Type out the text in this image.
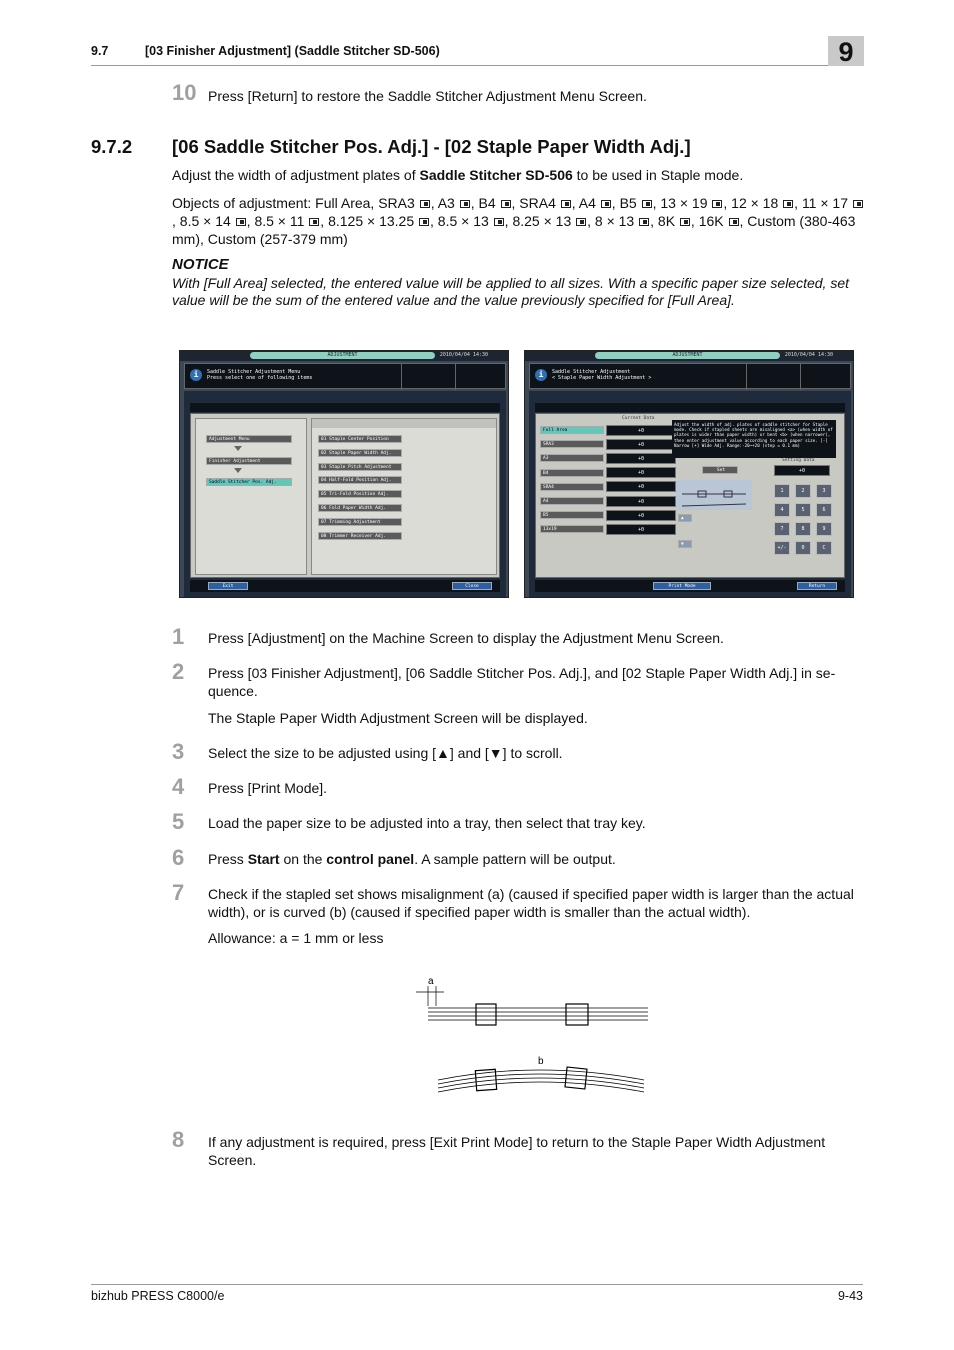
9.7	[03 Finisher Adjustment] (Saddle Stitcher SD-506)	9
10 Press [Return] to restore the Saddle Stitcher Adjustment Menu Screen.
9.7.2 [06 Saddle Stitcher Pos. Adj.] - [02 Staple Paper Width Adj.]
Adjust the width of adjustment plates of Saddle Stitcher SD-506 to be used in Staple mode.
Objects of adjustment: Full Area, SRA3 , A3 , B4 , SRA4 , A4 , B5 , 13 × 19 , 12 × 18 , 11 × 17 , 8.5 × 14 , 8.5 × 11 , 8.125 × 13.25 , 8.5 × 13 , 8.25 × 13 , 8 × 13 , 8K , 16K , Custom (380-463 mm), Custom (257-379 mm)
NOTICE
With [Full Area] selected, the entered value will be applied to all sizes. With a specific paper size selected, set value will be the sum of the entered value and the value previously specified for [Full Area].
ADJUSTMENT	2010/04/04 14:30
i	Saddle Stitcher Adjustment Menu
Press select one of following items
Adjustment Menu
Finisher Adjustment
Saddle Stitcher Pos. Adj.
01 Staple Center Position
02 Staple Paper Width Adj.
03 Staple Pitch Adjustment
04 Half-Fold Position Adj.
05 Tri-Fold Position Adj.
06 Fold Paper Width Adj.
07 Trimming Adjustment
08 Trimmer Receiver Adj.
Exit	Close
ADJUSTMENT	2010/04/04 14:30
i	Saddle Stitcher Adjustment
< Staple Paper Width Adjustment >
Current Data
Full Area	+0
SRA3	+0
A3	+0
B4	+0
SRA4	+0
A4	+0
B5	+0
13x19	+0
▲
▼
Adjust the width of adj. plates of saddle stitcher for Staple mode. Check if stapled sheets are misaligned <a> (when width of plates is wider than paper width) or bent <b> (when narrower), then enter adjustment value according to each paper size. [-] Narrow [+] Wide Adj. Range:-20~+20 (step = 0.1 mm)
Set
Setting Data
+0
1	2	3
4	5	6
7	8	9
+/-	0	C
Print Mode	Return
1 Press [Adjustment] on the Machine Screen to display the Adjustment Menu Screen.
2 Press [03 Finisher Adjustment], [06 Saddle Stitcher Pos. Adj.], and [02 Staple Paper Width Adj.] in se-quence.
The Staple Paper Width Adjustment Screen will be displayed.
3 Select the size to be adjusted using [▲] and [▼] to scroll.
4 Press [Print Mode].
5 Load the paper size to be adjusted into a tray, then select that tray key.
6 Press Start on the control panel. A sample pattern will be output.
7 Check if the stapled set shows misalignment (a) (caused if specified paper width is larger than the actual width), or is curved (b) (caused if specified paper width is smaller than the actual width).
Allowance: a = 1 mm or less
a
b
8 If any adjustment is required, press [Exit Print Mode] to return to the Staple Paper Width Adjustment Screen.
bizhub PRESS C8000/e	9-43
